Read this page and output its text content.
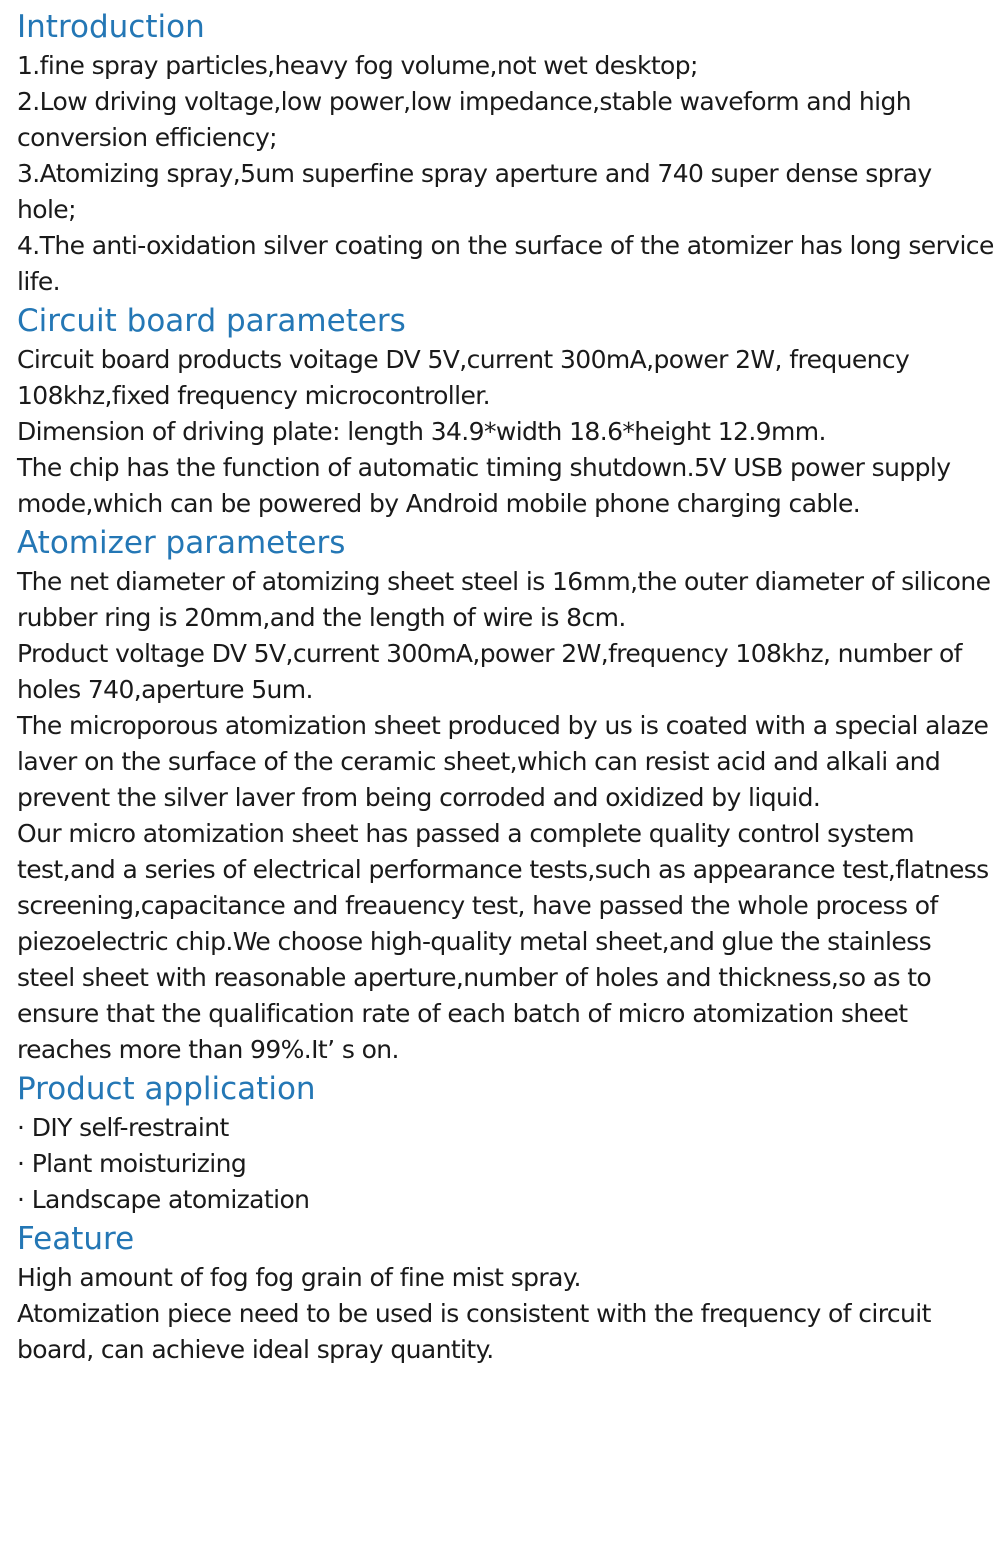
Introduction

1.fine spray particles,heavy fog volume,not wet desktop;

2.Low driving voltage,low power,low impedance,stable waveform and high conversion efficiency;

3.Atomizing spray,5um superfine spray aperture and 740 super dense spray hole;

4.The anti-oxidation silver coating on the surface of the atomizer has long service life.

Circuit board parameters

Circuit board products voitage DV 5V,current 300mA,power 2W, frequency 108khz,fixed frequency microcontroller.

Dimension of driving plate: length 34.9*width 18.6*height 12.9mm.

The chip has the function of automatic timing shutdown.5V USB power supply mode,which can be powered by Android mobile phone charging cable.

Atomizer parameters

The net diameter of atomizing sheet steel is 16mm,the outer diameter of silicone rubber ring is 20mm,and the length of wire is 8cm.

Product voltage DV 5V,current 300mA,power 2W,frequency 108khz, number of holes 740,aperture 5um.

The microporous atomization sheet produced by us is coated with a special alaze laver on the surface of the ceramic sheet,which can resist acid and alkali and prevent the silver laver from being corroded and oxidized by liquid.

Our micro atomization sheet has passed a complete quality control system test,and a series of electrical performance tests,such as appearance test,flatness screening,capacitance and freauency test, have passed the whole process of piezoelectric chip.We choose high-quality metal sheet,and glue the stainless steel sheet with reasonable aperture,number of holes and thickness,so as to ensure that the qualification rate of each batch of micro atomization sheet reaches more than 99%.It’ s on.

Product application

· DIY self-restraint

· Plant moisturizing

· Landscape atomization

Feature

High amount of fog fog grain of fine mist spray.

Atomization piece need to be used is consistent with the frequency of circuit board, can achieve ideal spray quantity.
